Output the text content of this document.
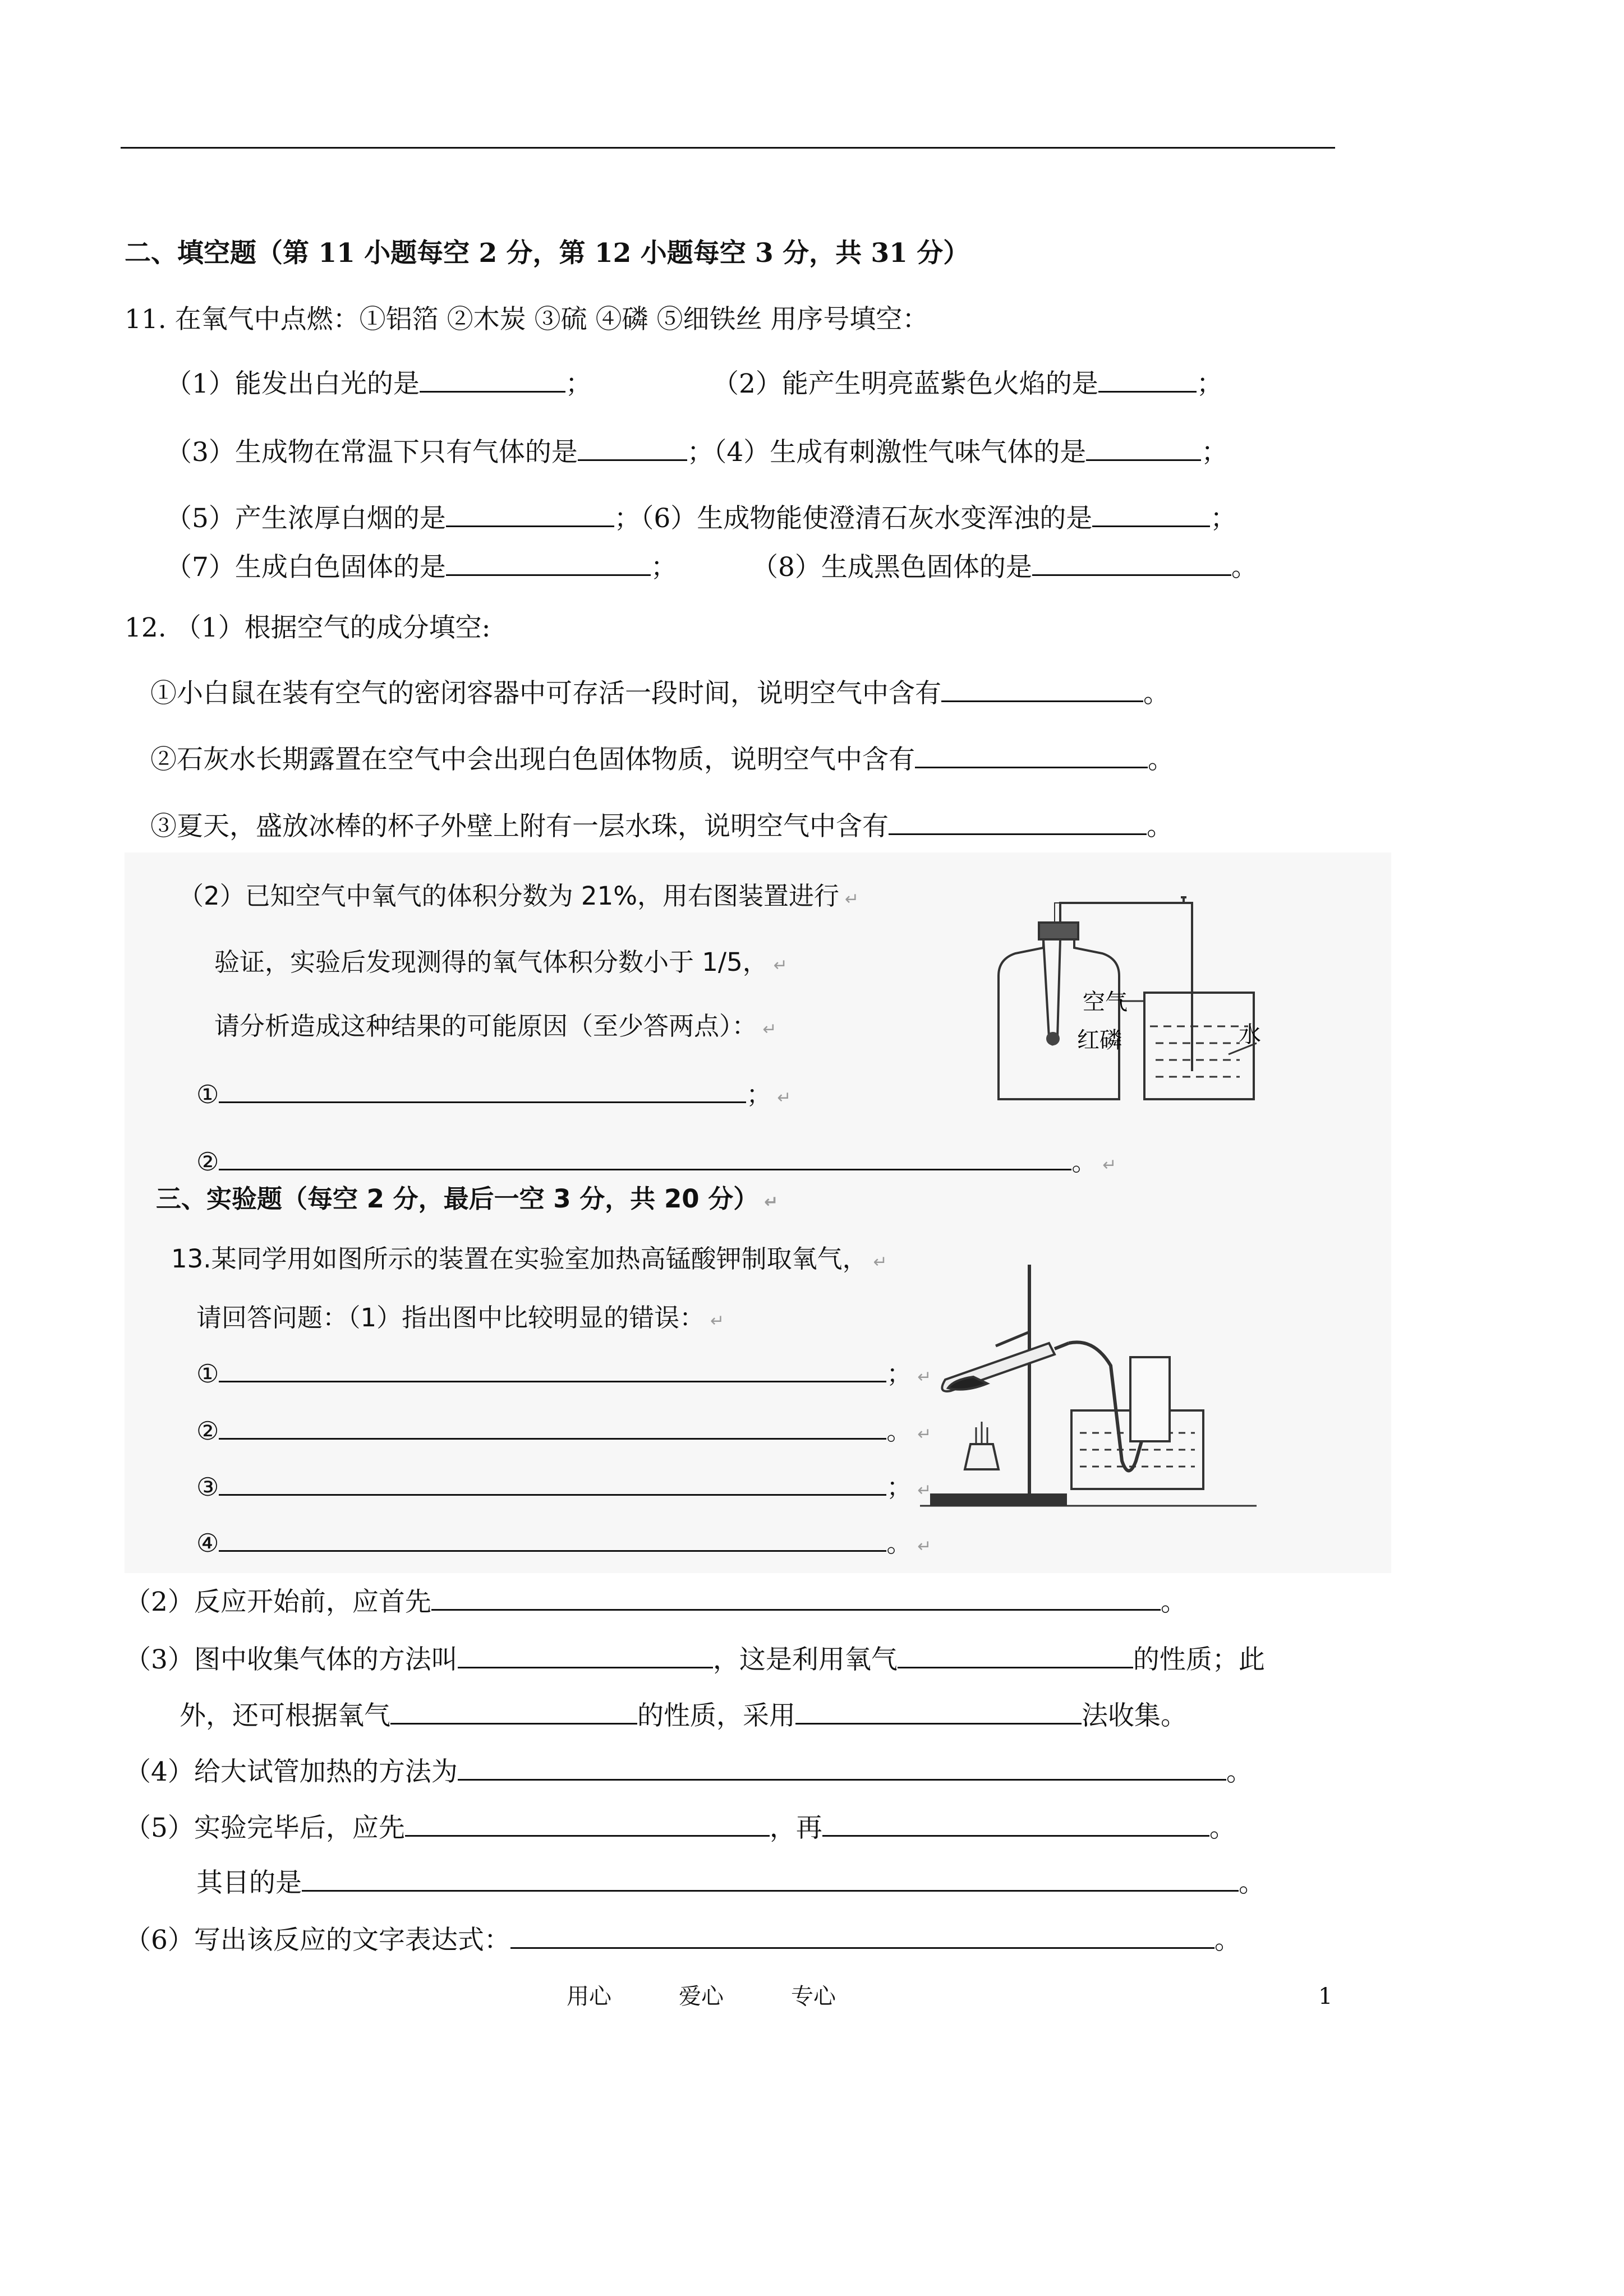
二、填空题（第 11 小题每空 2 分，第 12 小题每空 3 分，共 31 分）
11. 在氧气中点燃：①铝箔 ②木炭 ③硫 ④磷 ⑤细铁丝 用序号填空：
（1）能发出白光的是	；	（2）能产生明亮蓝紫色火焰的是	；
（3）生成物在常温下只有气体的是	；（4）生成有刺激性气味气体的是	；
（5）产生浓厚白烟的是	；（6）生成物能使澄清石灰水变浑浊的是	；
（7）生成白色固体的是	；	（8）生成黑色固体的是	。
12. （1）根据空气的成分填空:
①小白鼠在装有空气的密闭容器中可存活一段时间，说明空气中含有	。
②石灰水长期露置在空气中会出现白色固体物质，说明空气中含有	。
③夏天，盛放冰棒的杯子外壁上附有一层水珠，说明空气中含有	。
（2）已知空气中氧气的体积分数为 21%，用右图装置进行 ↵
验证，实验后发现测得的氧气体积分数小于 1/5， ↵
请分析造成这种结果的可能原因（至少答两点）： ↵
①	； ↵
②	。 ↵
空气
红磷	水
三、实验题（每空 2 分，最后一空 3 分，共 20 分） ↵
13.某同学用如图所示的装置在实验室加热高锰酸钾制取氧气， ↵
请回答问题：（1）指出图中比较明显的错误： ↵
①	； ↵
②	。 ↵
③	； ↵
④	。 ↵
（2）反应开始前，应首先	。
（3）图中收集气体的方法叫	，这是利用氧气	的性质；此
外，还可根据氧气	的性质，采用	法收集。
（4）给大试管加热的方法为	。
（5）实验完毕后，应先	，再	。
其目的是	。
（6）写出该反应的文字表达式：	。
用心	爱心	专心	1
